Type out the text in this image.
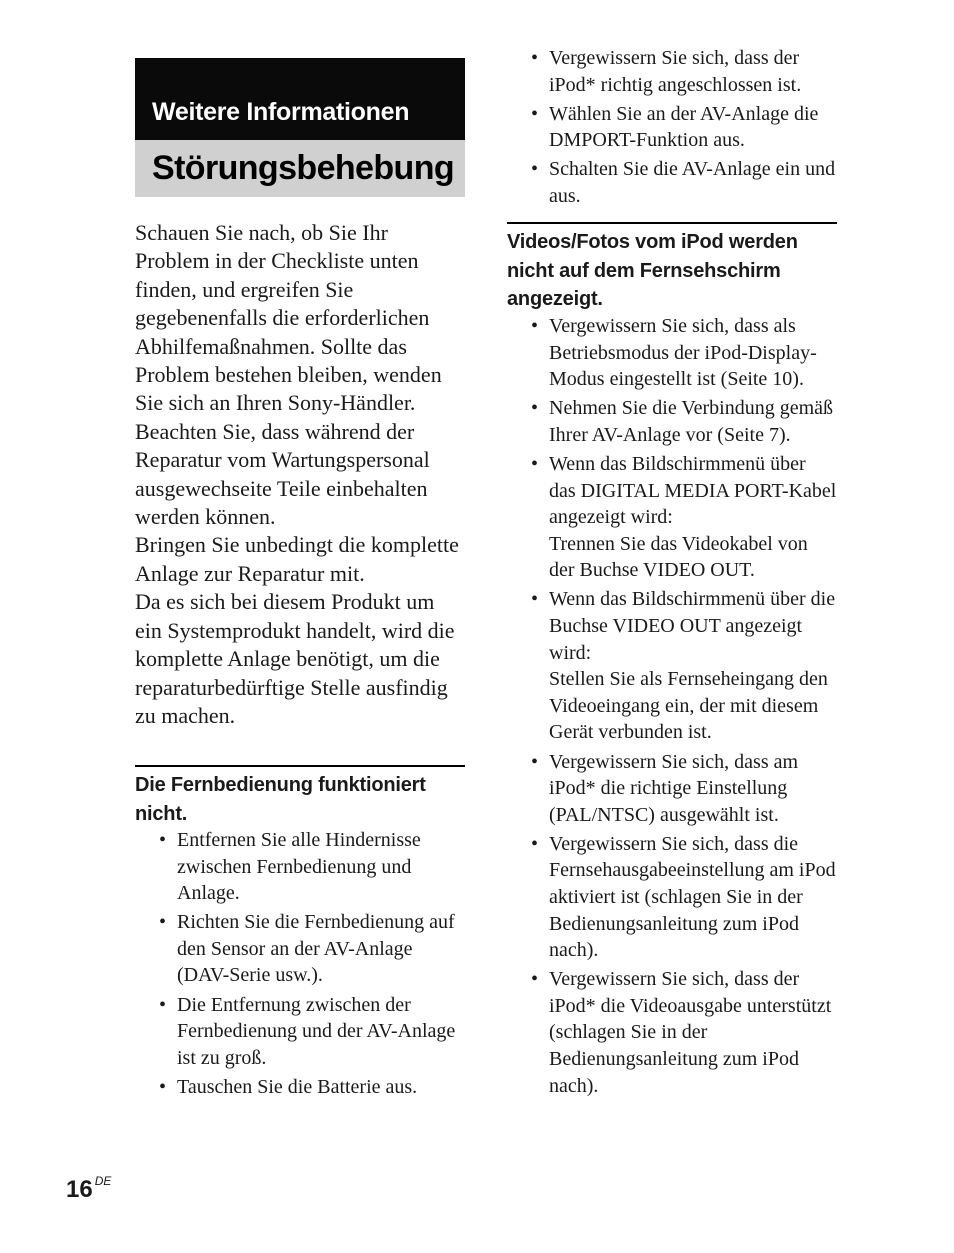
Weitere Informationen
Störungsbehebung

Schauen Sie nach, ob Sie Ihr Problem in der Checkliste unten finden, und ergreifen Sie gegebenenfalls die erforderlichen Abhilfemaßnahmen. Sollte das Problem bestehen bleiben, wenden Sie sich an Ihren Sony-Händler. Beachten Sie, dass während der Reparatur vom Wartungspersonal ausgewechseite Teile einbehalten werden können.

Bringen Sie unbedingt die komplette Anlage zur Reparatur mit.

Da es sich bei diesem Produkt um ein Systemprodukt handelt, wird die komplette Anlage benötigt, um die reparaturbedürftige Stelle ausfindig zu machen.

Die Fernbedienung funktioniert nicht.
• Entfernen Sie alle Hindernisse zwischen Fernbedienung und Anlage.
• Richten Sie die Fernbedienung auf den Sensor an der AV-Anlage (DAV-Serie usw.).
• Die Entfernung zwischen der Fernbedienung und der AV-Anlage ist zu groß.
• Tauschen Sie die Batterie aus.
• Vergewissern Sie sich, dass der iPod* richtig angeschlossen ist.
• Wählen Sie an der AV-Anlage die DMPORT-Funktion aus.
• Schalten Sie die AV-Anlage ein und aus.
Videos/Fotos vom iPod werden nicht auf dem Fernsehschirm angezeigt.
• Vergewissern Sie sich, dass als Betriebsmodus der iPod-Display-Modus eingestellt ist (Seite 10).
• Nehmen Sie die Verbindung gemäß Ihrer AV-Anlage vor (Seite 7).
• Wenn das Bildschirmmenü über das DIGITAL MEDIA PORT-Kabel angezeigt wird:
Trennen Sie das Videokabel von der Buchse VIDEO OUT.
• Wenn das Bildschirmmenü über die Buchse VIDEO OUT angezeigt wird:
Stellen Sie als Fernseheingang den Videoeingang ein, der mit diesem Gerät verbunden ist.
• Vergewissern Sie sich, dass am iPod* die richtige Einstellung (PAL/NTSC) ausgewählt ist.
• Vergewissern Sie sich, dass die Fernsehausgabeeinstellung am iPod aktiviert ist (schlagen Sie in der Bedienungsanleitung zum iPod nach).
• Vergewissern Sie sich, dass der iPod* die Videoausgabe unterstützt (schlagen Sie in der Bedienungsanleitung zum iPod nach).
16 $^{DE}$
